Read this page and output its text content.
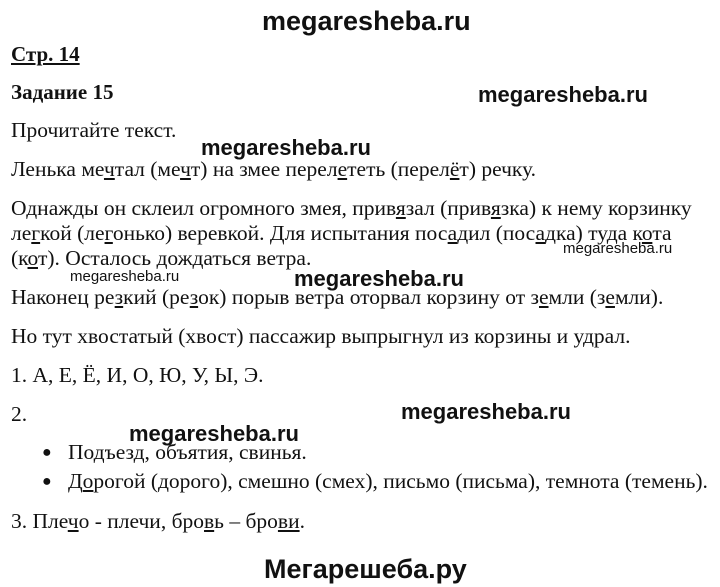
megaresheba.ru
megaresheba.ru
megaresheba.ru
megaresheba.ru
megaresheba.ru	megaresheba.ru
megaresheba.ru
megaresheba.ru
Мегарешеба.ру
Стр. 14
Задание 15
Прочитайте текст.
Ленька мечтал (мечт) на змее перелететь (перелёт) речку.
Однажды он склеил огромного змея, привязал (привязка) к нему корзинку
легкой (легонько) веревкой. Для испытания посадил (посадка) туда кота
(кот). Осталось дождаться ветра.
Наконец резкий (резок) порыв ветра оторвал корзину от земли (земли).
Но тут хвостатый (хвост) пассажир выпрыгнул из корзины и удрал.
1. А, Е, Ё, И, О, Ю, У, Ы, Э.
2.
● Подъезд, объятия, свинья.
● Дорогой (дорого), смешно (смех), письмо (письма), темнота (темень).
3. Плечо - плечи, бровь – брови.
